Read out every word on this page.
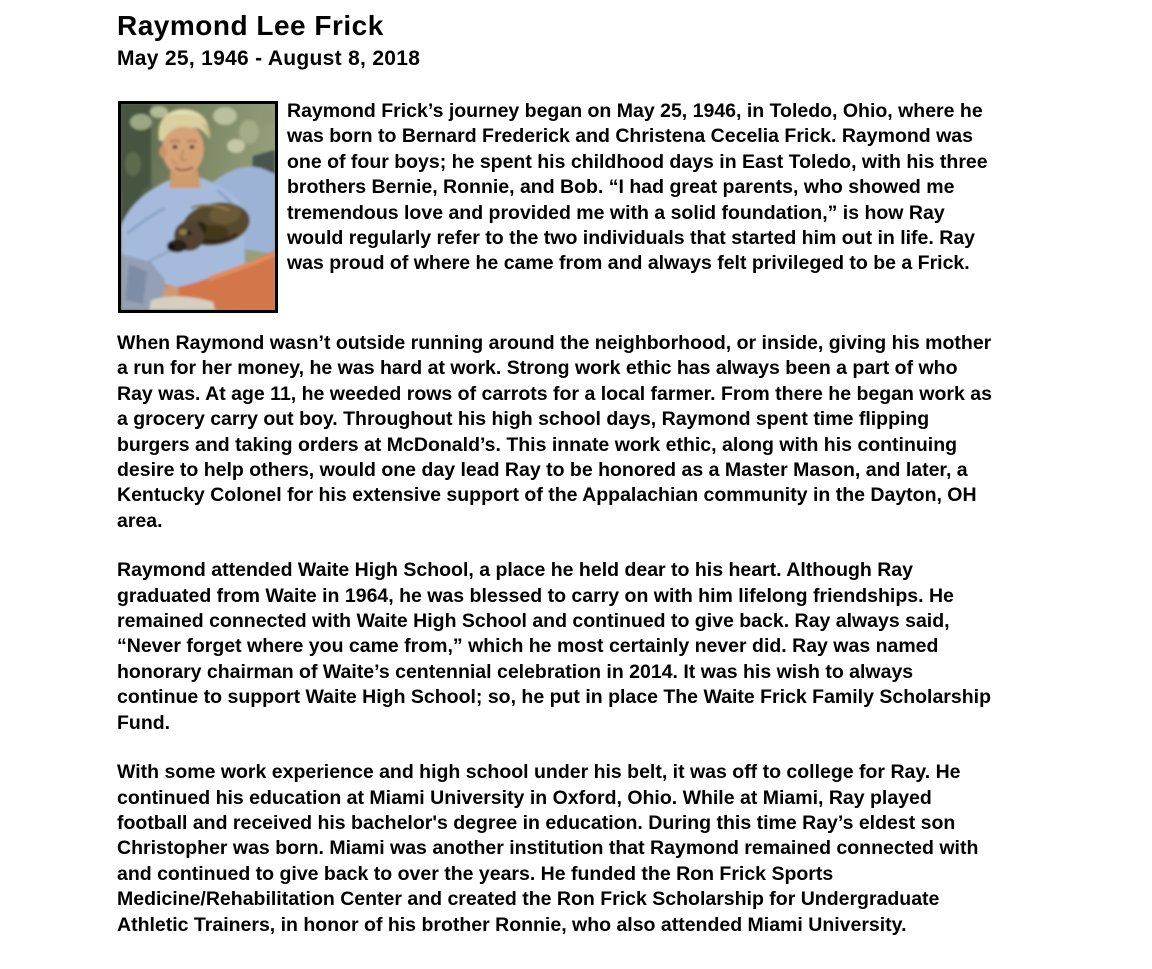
Raymond Lee Frick
May 25, 1946 - August 8, 2018

Raymond Frick’s journey began on May 25, 1946, in Toledo, Ohio, where he was born to Bernard Frederick and Christena Cecelia Frick. Raymond was one of four boys; he spent his childhood days in East Toledo, with his three brothers Bernie, Ronnie, and Bob. “I had great parents, who showed me tremendous love and provided me with a solid foundation,” is how Ray would regularly refer to the two individuals that started him out in life. Ray was proud of where he came from and always felt privileged to be a Frick.

When Raymond wasn’t outside running around the neighborhood, or inside, giving his mother a run for her money, he was hard at work. Strong work ethic has always been a part of who Ray was. At age 11, he weeded rows of carrots for a local farmer. From there he began work as a grocery carry out boy. Throughout his high school days, Raymond spent time flipping burgers and taking orders at McDonald’s. This innate work ethic, along with his continuing desire to help others, would one day lead Ray to be honored as a Master Mason, and later, a Kentucky Colonel for his extensive support of the Appalachian community in the Dayton, OH area.

Raymond attended Waite High School, a place he held dear to his heart. Although Ray graduated from Waite in 1964, he was blessed to carry on with him lifelong friendships. He remained connected with Waite High School and continued to give back. Ray always said, “Never forget where you came from,” which he most certainly never did. Ray was named honorary chairman of Waite’s centennial celebration in 2014. It was his wish to always continue to support Waite High School; so, he put in place The Waite Frick Family Scholarship Fund.

With some work experience and high school under his belt, it was off to college for Ray. He continued his education at Miami University in Oxford, Ohio. While at Miami, Ray played football and received his bachelor's degree in education. During this time Ray’s eldest son Christopher was born. Miami was another institution that Raymond remained connected with and continued to give back to over the years. He funded the Ron Frick Sports Medicine/Rehabilitation Center and created the Ron Frick Scholarship for Undergraduate Athletic Trainers, in honor of his brother Ronnie, who also attended Miami University.
